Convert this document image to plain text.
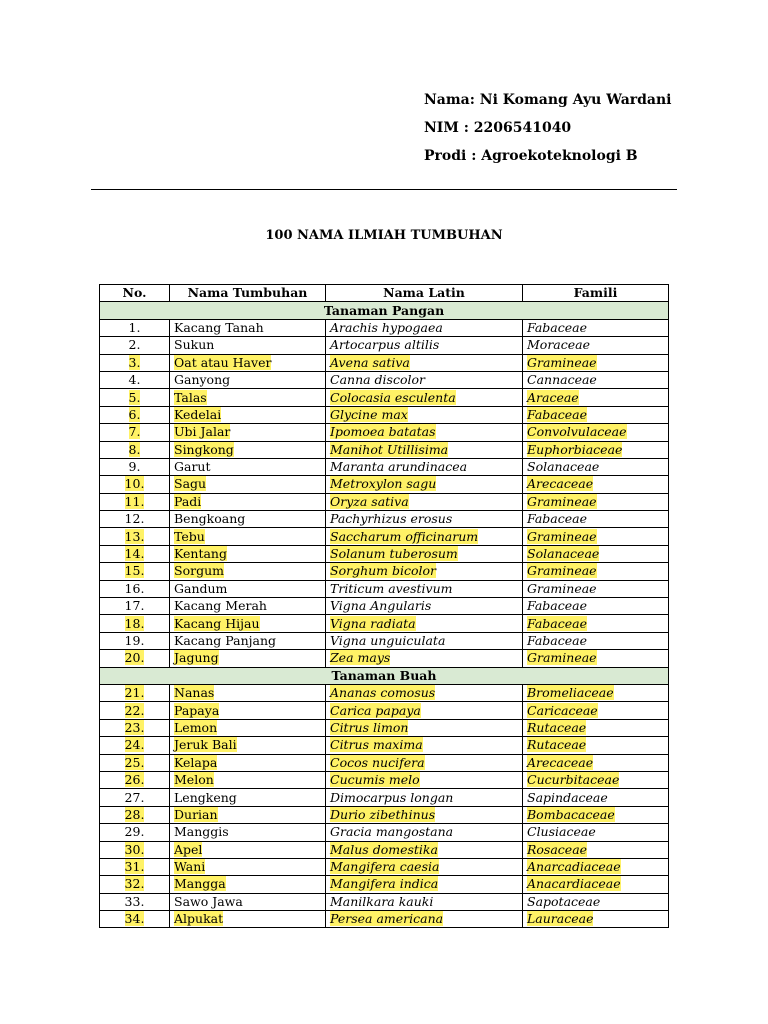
Nama: Ni Komang Ayu Wardani
NIM : 2206541040
Prodi : Agroekoteknologi B
100 NAMA ILMIAH TUMBUHAN
No.	Nama Tumbuhan	Nama Latin	Famili
Tanaman Pangan			
1.	Kacang Tanah	Arachis hypogaea	Fabaceae
2.	Sukun	Artocarpus altilis	Moraceae
3.	Oat atau Haver	Avena sativa	Gramineae
4.	Ganyong	Canna discolor	Cannaceae
5.	Talas	Colocasia esculenta	Araceae
6.	Kedelai	Glycine max	Fabaceae
7.	Ubi Jalar	Ipomoea batatas	Convolvulaceae
8.	Singkong	Manihot Utillisima	Euphorbiaceae
9.	Garut	Maranta arundinacea	Solanaceae
10.	Sagu	Metroxylon sagu	Arecaceae
11.	Padi	Oryza sativa	Gramineae
12.	Bengkoang	Pachyrhizus erosus	Fabaceae
13.	Tebu	Saccharum officinarum	Gramineae
14.	Kentang	Solanum tuberosum	Solanaceae
15.	Sorgum	Sorghum bicolor	Gramineae
16.	Gandum	Triticum avestivum	Gramineae
17.	Kacang Merah	Vigna Angularis	Fabaceae
18.	Kacang Hijau	Vigna radiata	Fabaceae
19.	Kacang Panjang	Vigna unguiculata	Fabaceae
20.	Jagung	Zea mays	Gramineae
Tanaman Buah			
21.	Nanas	Ananas comosus	Bromeliaceae
22.	Papaya	Carica papaya	Caricaceae
23.	Lemon	Citrus limon	Rutaceae
24.	Jeruk Bali	Citrus maxima	Rutaceae
25.	Kelapa	Cocos nucifera	Arecaceae
26.	Melon	Cucumis melo	Cucurbitaceae
27.	Lengkeng	Dimocarpus longan	Sapindaceae
28.	Durian	Durio zibethinus	Bombacaceae
29.	Manggis	Gracia mangostana	Clusiaceae
30.	Apel	Malus domestika	Rosaceae
31.	Wani	Mangifera caesia	Anarcadiaceae
32.	Mangga	Mangifera indica	Anacardiaceae
33.	Sawo Jawa	Manilkara kauki	Sapotaceae
34.	Alpukat	Persea americana	Lauraceae
